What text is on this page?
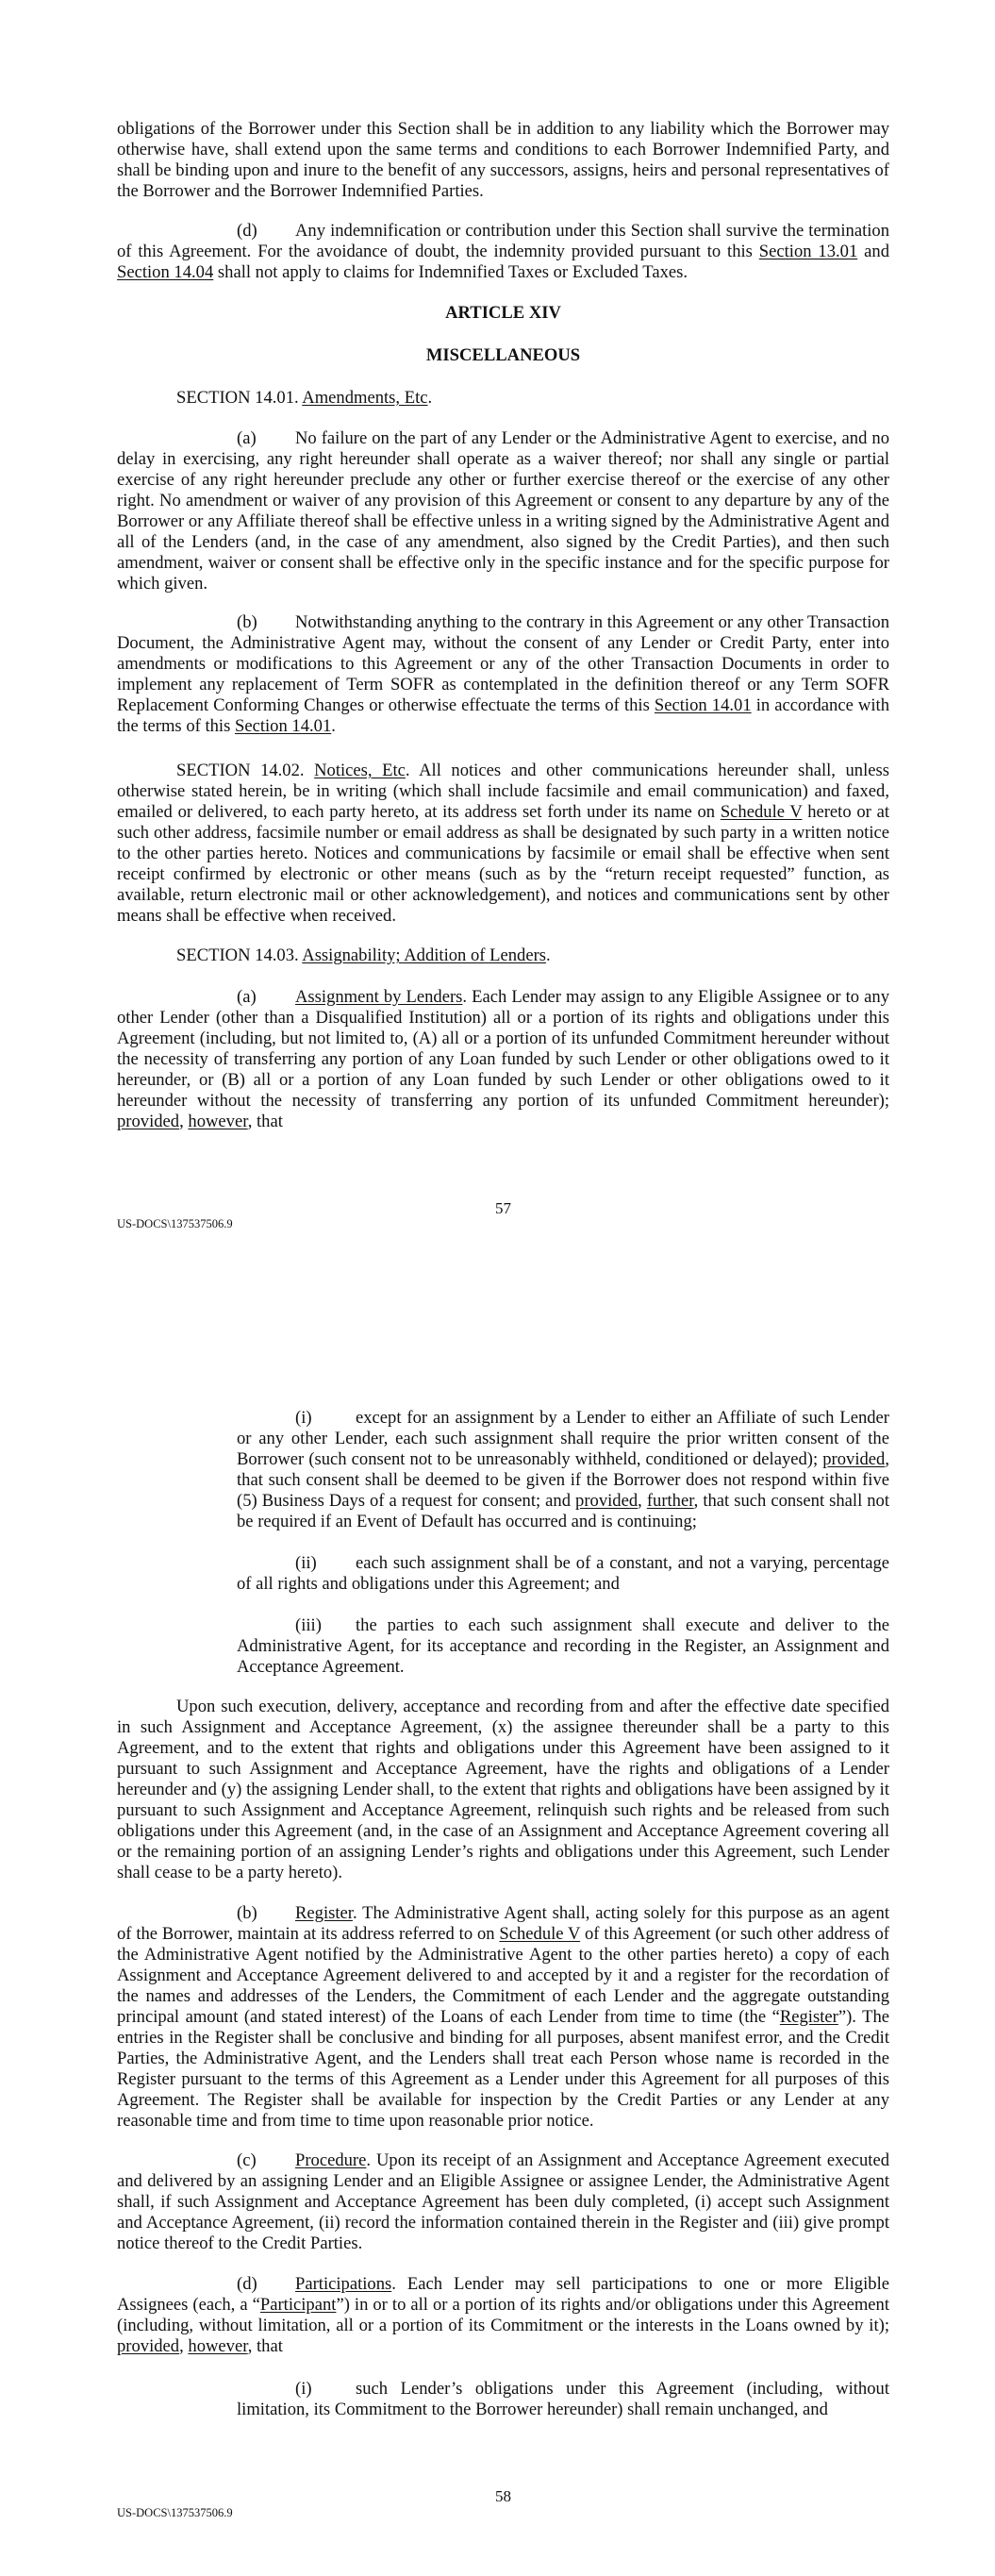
obligations of the Borrower under this Section shall be in addition to any liability which the Borrower may otherwise have, shall extend upon the same terms and conditions to each Borrower Indemnified Party, and shall be binding upon and inure to the benefit of any successors, assigns, heirs and personal representatives of the Borrower and the Borrower Indemnified Parties.

(d) Any indemnification or contribution under this Section shall survive the termination of this Agreement. For the avoidance of doubt, the indemnity provided pursuant to this Section 13.01 and Section 14.04 shall not apply to claims for Indemnified Taxes or Excluded Taxes.

ARTICLE XIV
MISCELLANEOUS

SECTION 14.01. Amendments, Etc.

(a) No failure on the part of any Lender or the Administrative Agent to exercise, and no delay in exercising, any right hereunder shall operate as a waiver thereof; nor shall any single or partial exercise of any right hereunder preclude any other or further exercise thereof or the exercise of any other right. No amendment or waiver of any provision of this Agreement or consent to any departure by any of the Borrower or any Affiliate thereof shall be effective unless in a writing signed by the Administrative Agent and all of the Lenders (and, in the case of any amendment, also signed by the Credit Parties), and then such amendment, waiver or consent shall be effective only in the specific instance and for the specific purpose for which given.

(b) Notwithstanding anything to the contrary in this Agreement or any other Transaction Document, the Administrative Agent may, without the consent of any Lender or Credit Party, enter into amendments or modifications to this Agreement or any of the other Transaction Documents in order to implement any replacement of Term SOFR as contemplated in the definition thereof or any Term SOFR Replacement Conforming Changes or otherwise effectuate the terms of this Section 14.01 in accordance with the terms of this Section 14.01.

SECTION 14.02. Notices, Etc. All notices and other communications hereunder shall, unless otherwise stated herein, be in writing (which shall include facsimile and email communication) and faxed, emailed or delivered, to each party hereto, at its address set forth under its name on Schedule V hereto or at such other address, facsimile number or email address as shall be designated by such party in a written notice to the other parties hereto. Notices and communications by facsimile or email shall be effective when sent receipt confirmed by electronic or other means (such as by the “return receipt requested” function, as available, return electronic mail or other acknowledgement), and notices and communications sent by other means shall be effective when received.

SECTION 14.03. Assignability; Addition of Lenders.

(a) Assignment by Lenders. Each Lender may assign to any Eligible Assignee or to any other Lender (other than a Disqualified Institution) all or a portion of its rights and obligations under this Agreement (including, but not limited to, (A) all or a portion of its unfunded Commitment hereunder without the necessity of transferring any portion of any Loan funded by such Lender or other obligations owed to it hereunder, or (B) all or a portion of any Loan funded by such Lender or other obligations owed to it hereunder without the necessity of transferring any portion of its unfunded Commitment hereunder); provided, however, that

57
US-DOCS\137537506.9

(i) except for an assignment by a Lender to either an Affiliate of such Lender or any other Lender, each such assignment shall require the prior written consent of the Borrower (such consent not to be unreasonably withheld, conditioned or delayed); provided, that such consent shall be deemed to be given if the Borrower does not respond within five (5) Business Days of a request for consent; and provided, further, that such consent shall not be required if an Event of Default has occurred and is continuing;

(ii) each such assignment shall be of a constant, and not a varying, percentage of all rights and obligations under this Agreement; and

(iii) the parties to each such assignment shall execute and deliver to the Administrative Agent, for its acceptance and recording in the Register, an Assignment and Acceptance Agreement.

Upon such execution, delivery, acceptance and recording from and after the effective date specified in such Assignment and Acceptance Agreement, (x) the assignee thereunder shall be a party to this Agreement, and to the extent that rights and obligations under this Agreement have been assigned to it pursuant to such Assignment and Acceptance Agreement, have the rights and obligations of a Lender hereunder and (y) the assigning Lender shall, to the extent that rights and obligations have been assigned by it pursuant to such Assignment and Acceptance Agreement, relinquish such rights and be released from such obligations under this Agreement (and, in the case of an Assignment and Acceptance Agreement covering all or the remaining portion of an assigning Lender’s rights and obligations under this Agreement, such Lender shall cease to be a party hereto).

(b) Register. The Administrative Agent shall, acting solely for this purpose as an agent of the Borrower, maintain at its address referred to on Schedule V of this Agreement (or such other address of the Administrative Agent notified by the Administrative Agent to the other parties hereto) a copy of each Assignment and Acceptance Agreement delivered to and accepted by it and a register for the recordation of the names and addresses of the Lenders, the Commitment of each Lender and the aggregate outstanding principal amount (and stated interest) of the Loans of each Lender from time to time (the “Register”). The entries in the Register shall be conclusive and binding for all purposes, absent manifest error, and the Credit Parties, the Administrative Agent, and the Lenders shall treat each Person whose name is recorded in the Register pursuant to the terms of this Agreement as a Lender under this Agreement for all purposes of this Agreement. The Register shall be available for inspection by the Credit Parties or any Lender at any reasonable time and from time to time upon reasonable prior notice.

(c) Procedure. Upon its receipt of an Assignment and Acceptance Agreement executed and delivered by an assigning Lender and an Eligible Assignee or assignee Lender, the Administrative Agent shall, if such Assignment and Acceptance Agreement has been duly completed, (i) accept such Assignment and Acceptance Agreement, (ii) record the information contained therein in the Register and (iii) give prompt notice thereof to the Credit Parties.

(d) Participations. Each Lender may sell participations to one or more Eligible Assignees (each, a “Participant”) in or to all or a portion of its rights and/or obligations under this Agreement (including, without limitation, all or a portion of its Commitment or the interests in the Loans owned by it); provided, however, that

(i) such Lender’s obligations under this Agreement (including, without limitation, its Commitment to the Borrower hereunder) shall remain unchanged, and

58
US-DOCS\137537506.9
